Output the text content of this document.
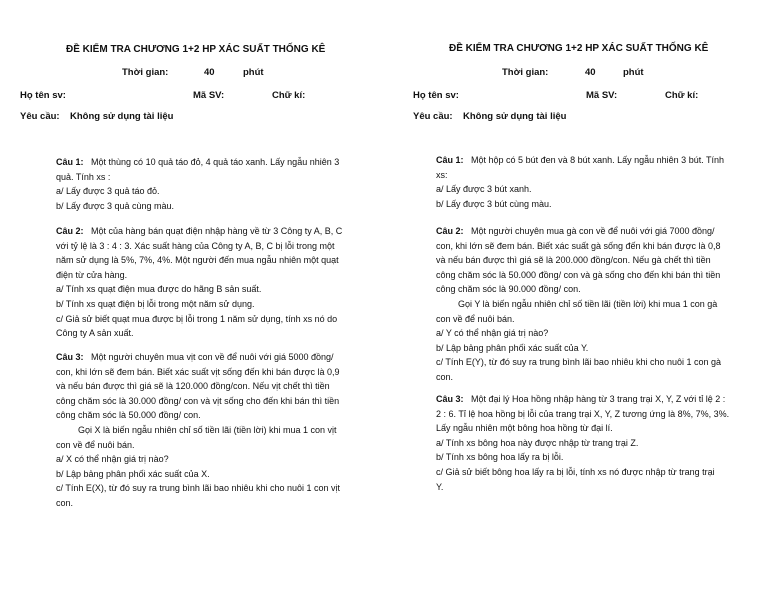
ĐỀ KIỂM TRA CHƯƠNG 1+2 HP XÁC SUẤT THỐNG KÊ
Thời gian:	40	phút
Họ tên sv:	Mã SV:	Chữ kí:
Yêu cầu: Không sử dụng tài liệu

Câu 1: Một thùng có 10 quả táo đỏ, 4 quả táo xanh. Lấy ngẫu nhiên 3

quả. Tính xs :

a/ Lấy được 3 quả táo đỏ.

b/ Lấy được 3 quả cùng màu.

Câu 2: Một của hàng bán quạt điện nhập hàng về từ 3 Công ty A, B, C

với tỷ lệ là 3 : 4 : 3. Xác suất hàng của Công ty A, B, C bị lỗi trong một

năm sử dụng là 5%, 7%, 4%. Một người đến mua ngẫu nhiên một quạt

điện từ cửa hàng.

a/ Tính xs quạt điện mua được do hãng B sản suất.

b/ Tính xs quạt điện bị lỗi trong một năm sử dụng.

c/ Giả sử biết quạt mua được bị lỗi trong 1 năm sử dụng, tính xs nó do

Công ty A sản xuất.

Câu 3: Một người chuyên mua vịt con về để nuôi với giá 5000 đồng/

con, khi lớn sẽ đem bán. Biết xác suất vịt sống đến khi bán được là 0,9

và nếu bán được thì giá sẽ là 120.000 đồng/con. Nếu vịt chết thì tiền

công chăm sóc là 30.000 đồng/ con và vịt sống cho đến khi bán thì tiền

công chăm sóc là 50.000 đồng/ con.

Gọi X là biến ngẫu nhiên chỉ số tiền lãi (tiền lời) khi mua 1 con vịt

con về để nuôi bán.

a/ X có thể nhận giá trị nào?

b/ Lập bảng phân phối xác suất của X.

c/ Tính E(X), từ đó suy ra trung bình lãi bao nhiêu khi cho nuôi 1 con vịt

con.

ĐỀ KIỂM TRA CHƯƠNG 1+2 HP XÁC SUẤT THỐNG KÊ
Thời gian:	40	phút
Họ tên sv:	Mã SV:	Chữ kí:
Yêu cầu: Không sử dụng tài liệu

Câu 1: Một hộp có 5 bút đen và 8 bút xanh. Lấy ngẫu nhiên 3 bút. Tính

xs:

a/ Lấy được 3 bút xanh.

b/ Lấy được 3 bút cùng màu.

Câu 2: Một người chuyên mua gà con về để nuôi với giá 7000 đồng/

con, khi lớn sẽ đem bán. Biết xác suất gà sống đến khi bán được là 0,8

và nếu bán được thì giá sẽ là 200.000 đồng/con. Nếu gà chết thì tiền

công chăm sóc là 50.000 đồng/ con và gà sống cho đến khi bán thì tiền

công chăm sóc là 90.000 đồng/ con.

Gọi Y là biến ngẫu nhiên chỉ số tiền lãi (tiền lời) khi mua 1 con gà

con về để nuôi bán.

a/ Y có thể nhận giá trị nào?

b/ Lập bảng phân phối xác suất của Y.

c/ Tính E(Y), từ đó suy ra trung bình lãi bao nhiêu khi cho nuôi 1 con gà

con.

Câu 3: Một đại lý Hoa hồng nhập hàng từ 3 trang trại X, Y, Z với tỉ lệ 2 :

2 : 6. Tỉ lệ hoa hồng bị lỗi của trang trại X, Y, Z tương ứng là 8%, 7%, 3%.

Lấy ngẫu nhiên một bông hoa hồng từ đại lí.

a/ Tính xs bông hoa này được nhập từ trang trại Z.

b/ Tính xs bông hoa lấy ra bị lỗi.

c/ Giả sử biết bông hoa lấy ra bị lỗi, tính xs nó được nhập từ trang trại

Y.
